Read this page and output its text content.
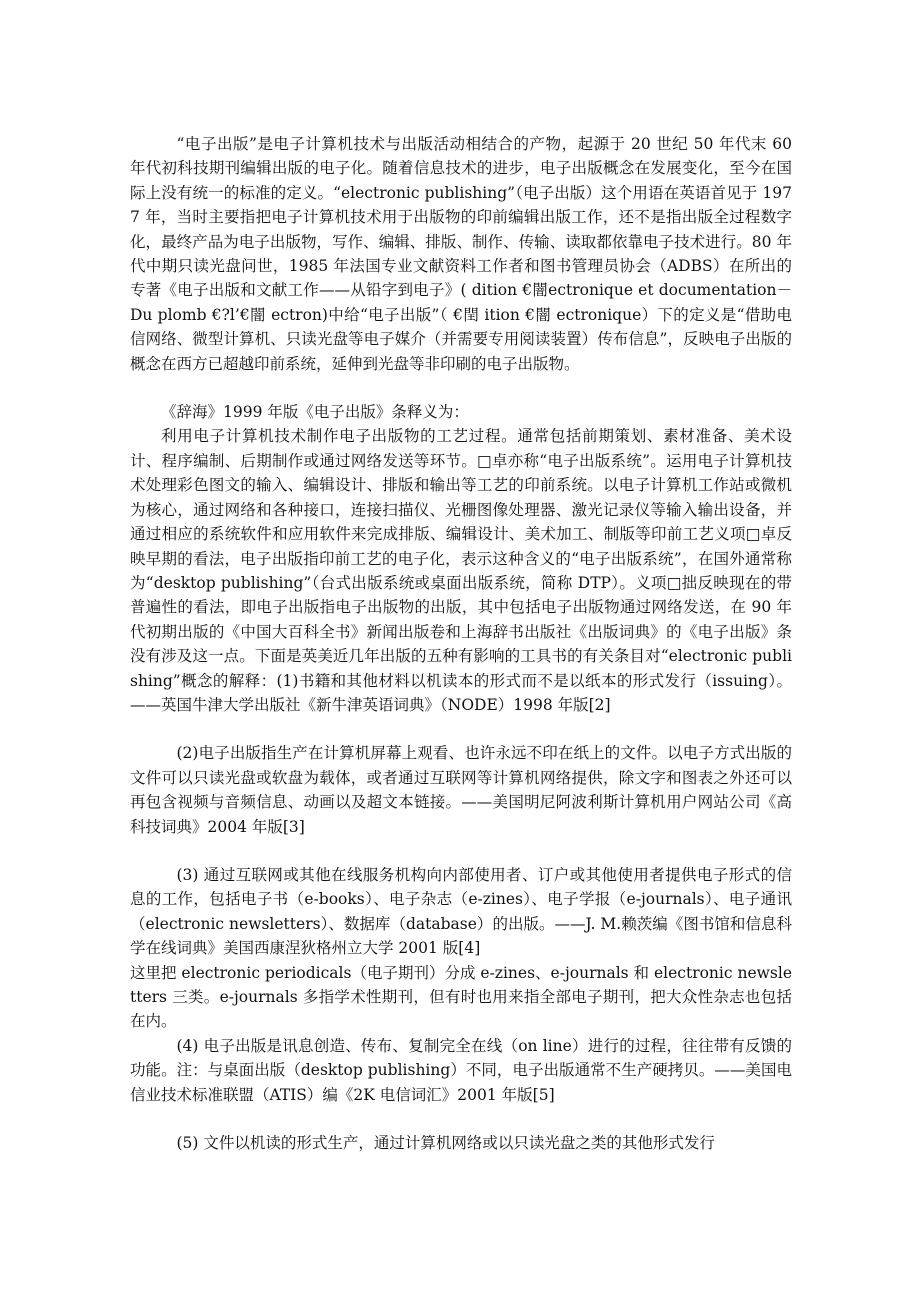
“电子出版”是电子计算机技术与出版活动相结合的产物，起源于 20 世纪 50 年代末 60 年代初科技期刊编辑出版的电子化。随着信息技术的进步，电子出版概念在发展变化，至今在国际上没有统一的标准的定义。“electronic publishing”（电子出版）这个用语在英语首见于 1977 年，当时主要指把电子计算机技术用于出版物的印前编辑出版工作，还不是指出版全过程数字化，最终产品为电子出版物，写作、编辑、排版、制作、传输、读取都依靠电子技术进行。80 年代中期只读光盘问世，1985 年法国专业文献资料工作者和图书管理员协会（ADBS）在所出的专著《电子出版和文献工作——从铅字到电子》( dition €闇ectronique et documentation－Du plomb €?l’€闇 ectron)中给“电子出版”（ €閏 ition €闇 ectronique）下的定义是“借助电信网络、微型计算机、只读光盘等电子媒介（并需要专用阅读装置）传布信息”，反映电子出版的概念在西方已超越印前系统，延伸到光盘等非印刷的电子出版物。

《辞海》1999 年版《电子出版》条释义为：

利用电子计算机技术制作电子出版物的工艺过程。通常包括前期策划、素材准备、美术设计、程序编制、后期制作或通过网络发送等环节。□卓亦称“电子出版系统”。运用电子计算机技术处理彩色图文的输入、编辑设计、排版和输出等工艺的印前系统。以电子计算机工作站或微机为核心，通过网络和各种接口，连接扫描仪、光栅图像处理器、激光记录仪等输入输出设备，并通过相应的系统软件和应用软件来完成排版、编辑设计、美术加工、制版等印前工艺义项□卓反映早期的看法，电子出版指印前工艺的电子化，表示这种含义的“电子出版系统”，在国外通常称为“desktop publishing”（台式出版系统或桌面出版系统，简称 DTP）。义项□拙反映现在的带普遍性的看法，即电子出版指电子出版物的出版，其中包括电子出版物通过网络发送，在 90 年代初期出版的《中国大百科全书》新闻出版卷和上海辞书出版社《出版词典》的《电子出版》条没有涉及这一点。下面是英美近几年出版的五种有影响的工具书的有关条目对“electronic publishing”概念的解释：(1)书籍和其他材料以机读本的形式而不是以纸本的形式发行（issuing）。——英国牛津大学出版社《新牛津英语词典》（NODE）1998 年版[2]

(2)电子出版指生产在计算机屏幕上观看、也许永远不印在纸上的文件。以电子方式出版的文件可以只读光盘或软盘为载体，或者通过互联网等计算机网络提供，除文字和图表之外还可以再包含视频与音频信息、动画以及超文本链接。——美国明尼阿波利斯计算机用户网站公司《高科技词典》2004 年版[3]

(3) 通过互联网或其他在线服务机构向内部使用者、订户或其他使用者提供电子形式的信息的工作，包括电子书（e-books）、电子杂志（e-zines）、电子学报（e-journals）、电子通讯（electronic newsletters）、数据库（database）的出版。——J. M.赖茨编《图书馆和信息科学在线词典》美国西康涅狄格州立大学 2001 版[4]

这里把 electronic periodicals（电子期刊）分成 e-zines、e-journals 和 electronic newsletters 三类。e-journals 多指学术性期刊，但有时也用来指全部电子期刊，把大众性杂志也包括在内。

(4) 电子出版是讯息创造、传布、复制完全在线（on line）进行的过程，往往带有反馈的功能。注：与桌面出版（desktop publishing）不同，电子出版通常不生产硬拷贝。——美国电信业技术标准联盟（ATIS）编《2K 电信词汇》2001 年版[5]

(5) 文件以机读的形式生产，通过计算机网络或以只读光盘之类的其他形式发行
